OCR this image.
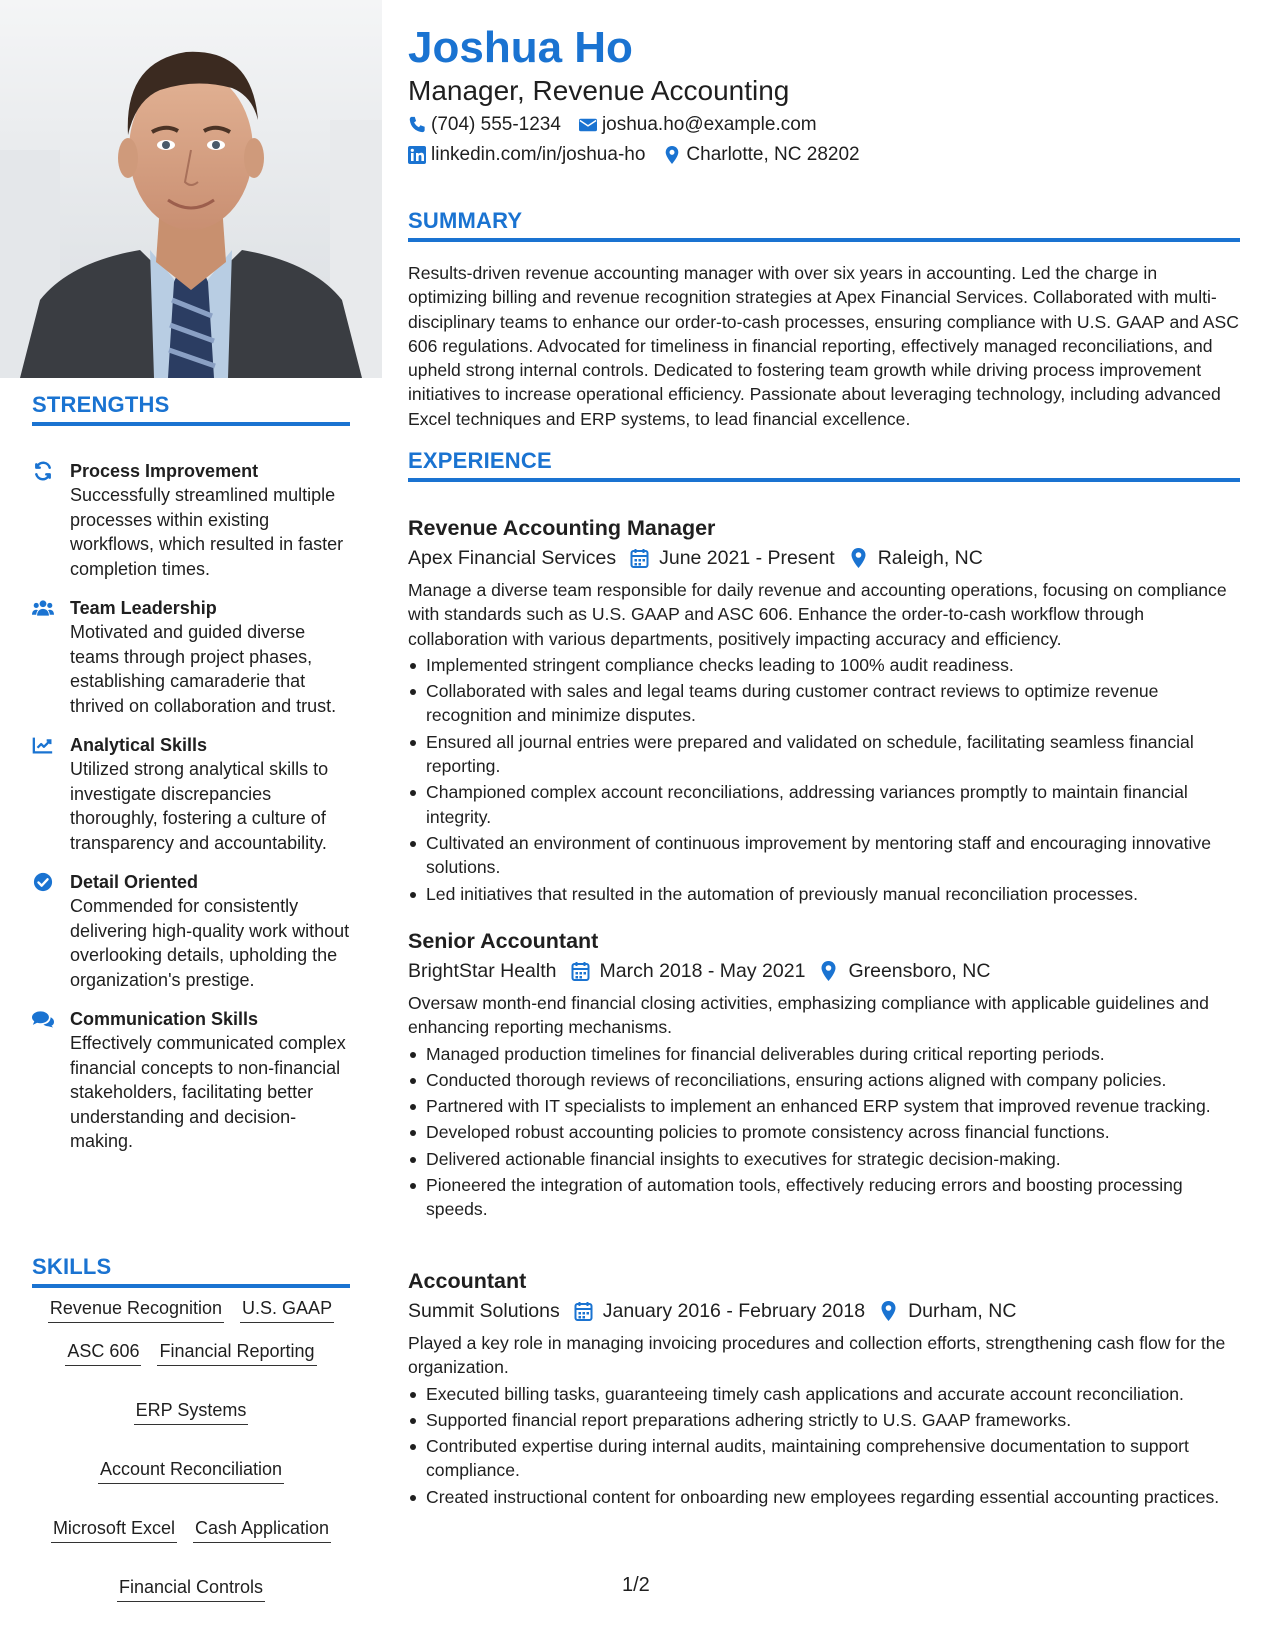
STRENGTHS
Process Improvement
Successfully streamlined multiple processes within existing workflows, which resulted in faster completion times.
Team Leadership
Motivated and guided diverse teams through project phases, establishing camaraderie that thrived on collaboration and trust.
Analytical Skills
Utilized strong analytical skills to investigate discrepancies thoroughly, fostering a culture of transparency and accountability.
Detail Oriented
Commended for consistently delivering high-quality work without overlooking details, upholding the organization's prestige.
Communication Skills
Effectively communicated complex financial concepts to non-financial stakeholders, facilitating better understanding and decision-making.
SKILLS
Revenue Recognition U.S. GAAP
ASC 606 Financial Reporting
ERP Systems
Account Reconciliation
Microsoft Excel Cash Application
Financial Controls
Joshua Ho
Manager, Revenue Accounting
(704) 555-1234 joshua.ho@example.com
linkedin.com/in/joshua-ho Charlotte, NC 28202
SUMMARY
Results-driven revenue accounting manager with over six years in accounting. Led the charge in optimizing billing and revenue recognition strategies at Apex Financial Services. Collaborated with multi-disciplinary teams to enhance our order-to-cash processes, ensuring compliance with U.S. GAAP and ASC 606 regulations. Advocated for timeliness in financial reporting, effectively managed reconciliations, and upheld strong internal controls. Dedicated to fostering team growth while driving process improvement initiatives to increase operational efficiency. Passionate about leveraging technology, including advanced Excel techniques and ERP systems, to lead financial excellence.
EXPERIENCE
Revenue Accounting Manager
Apex Financial Services June 2021 - Present Raleigh, NC
Manage a diverse team responsible for daily revenue and accounting operations, focusing on compliance with standards such as U.S. GAAP and ASC 606. Enhance the order-to-cash workflow through collaboration with various departments, positively impacting accuracy and efficiency.
Implemented stringent compliance checks leading to 100% audit readiness.
Collaborated with sales and legal teams during customer contract reviews to optimize revenue recognition and minimize disputes.
Ensured all journal entries were prepared and validated on schedule, facilitating seamless financial reporting.
Championed complex account reconciliations, addressing variances promptly to maintain financial integrity.
Cultivated an environment of continuous improvement by mentoring staff and encouraging innovative solutions.
Led initiatives that resulted in the automation of previously manual reconciliation processes.
Senior Accountant
BrightStar Health March 2018 - May 2021 Greensboro, NC
Oversaw month-end financial closing activities, emphasizing compliance with applicable guidelines and enhancing reporting mechanisms.
Managed production timelines for financial deliverables during critical reporting periods.
Conducted thorough reviews of reconciliations, ensuring actions aligned with company policies.
Partnered with IT specialists to implement an enhanced ERP system that improved revenue tracking.
Developed robust accounting policies to promote consistency across financial functions.
Delivered actionable financial insights to executives for strategic decision-making.
Pioneered the integration of automation tools, effectively reducing errors and boosting processing speeds.
Accountant
Summit Solutions January 2016 - February 2018 Durham, NC
Played a key role in managing invoicing procedures and collection efforts, strengthening cash flow for the organization.
Executed billing tasks, guaranteeing timely cash applications and accurate account reconciliation.
Supported financial report preparations adhering strictly to U.S. GAAP frameworks.
Contributed expertise during internal audits, maintaining comprehensive documentation to support compliance.
Created instructional content for onboarding new employees regarding essential accounting practices.
1/2
